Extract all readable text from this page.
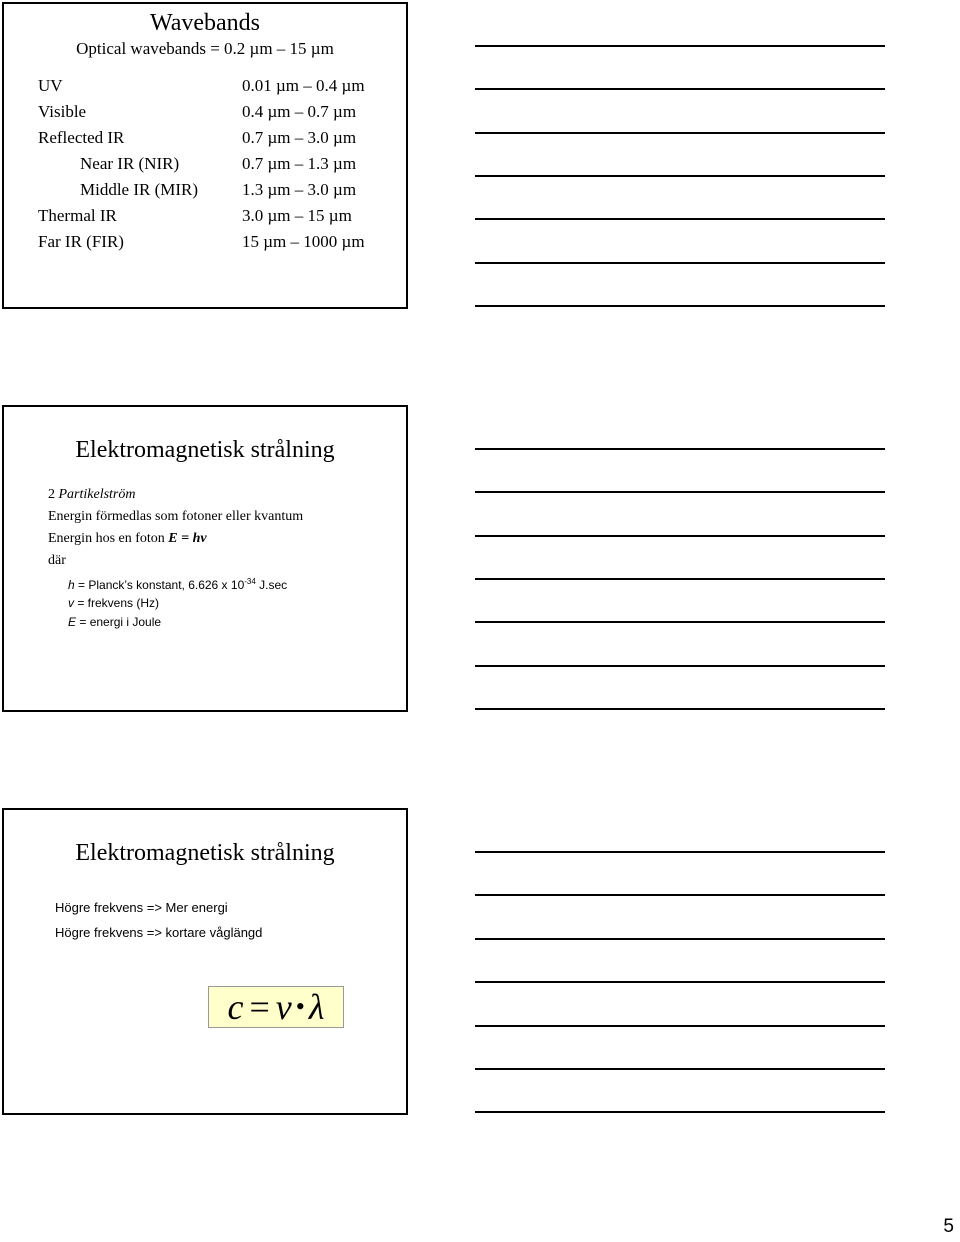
Wavebands
Optical wavebands = 0.2 µm – 15 µm
UV	0.01 µm – 0.4 µm
Visible	0.4 µm – 0.7 µm
Reflected IR	0.7 µm – 3.0 µm
Near IR (NIR)	0.7 µm – 1.3 µm
Middle IR (MIR)	1.3 µm – 3.0 µm
Thermal IR	3.0 µm – 15 µm
Far IR (FIR)	15 µm – 1000 µm
Elektromagnetisk strålning
2 Partikelström
Energin förmedlas som fotoner eller kvantum
Energin hos en foton E = hv
där
h = Planck’s konstant, 6.626 x $10^{-34}$ J.sec
v = frekvens (Hz)
E = energi i Joule
Elektromagnetisk strålning
Högre frekvens => Mer energi
Högre frekvens => kortare våglängd
c = v • λ
5
